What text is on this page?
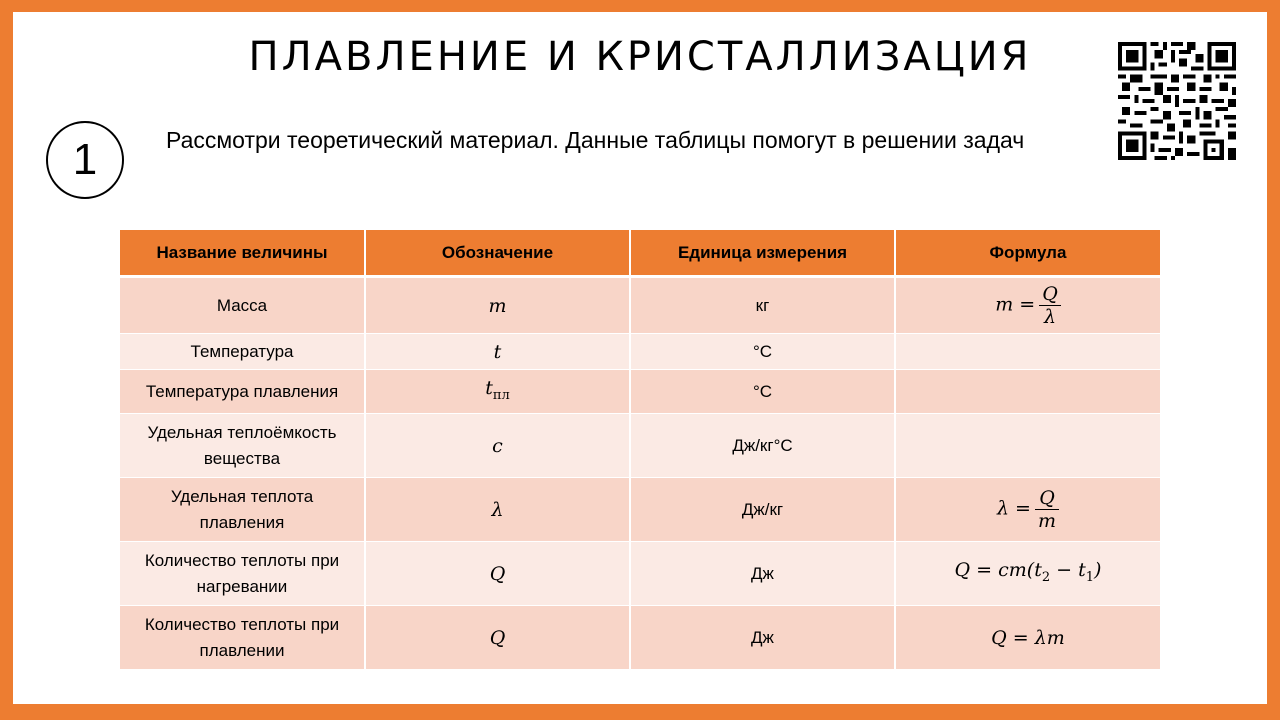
ПЛАВЛЕНИЕ И КРИСТАЛЛИЗАЦИЯ
1	Рассмотри теоретический материал. Данные таблицы помогут в решении задач
Название величины	Обозначение	Единица измерения	Формула
Масса	m	кг	$m = \frac{Q}{\lambda}$

Температура	t	°С	
Температура плавления	$t_{пл}$	°С	
Удельная теплоёмкость вещества	c	Дж/кг°С	
Удельная теплота плавления	λ	Дж/кг	$\lambda = \frac{Q}{m}$

Количество теплоты при нагревании	Q	Дж	$Q = cm(t_2 - t_1)$
Количество теплоты при плавлении	Q	Дж	Q = λm
